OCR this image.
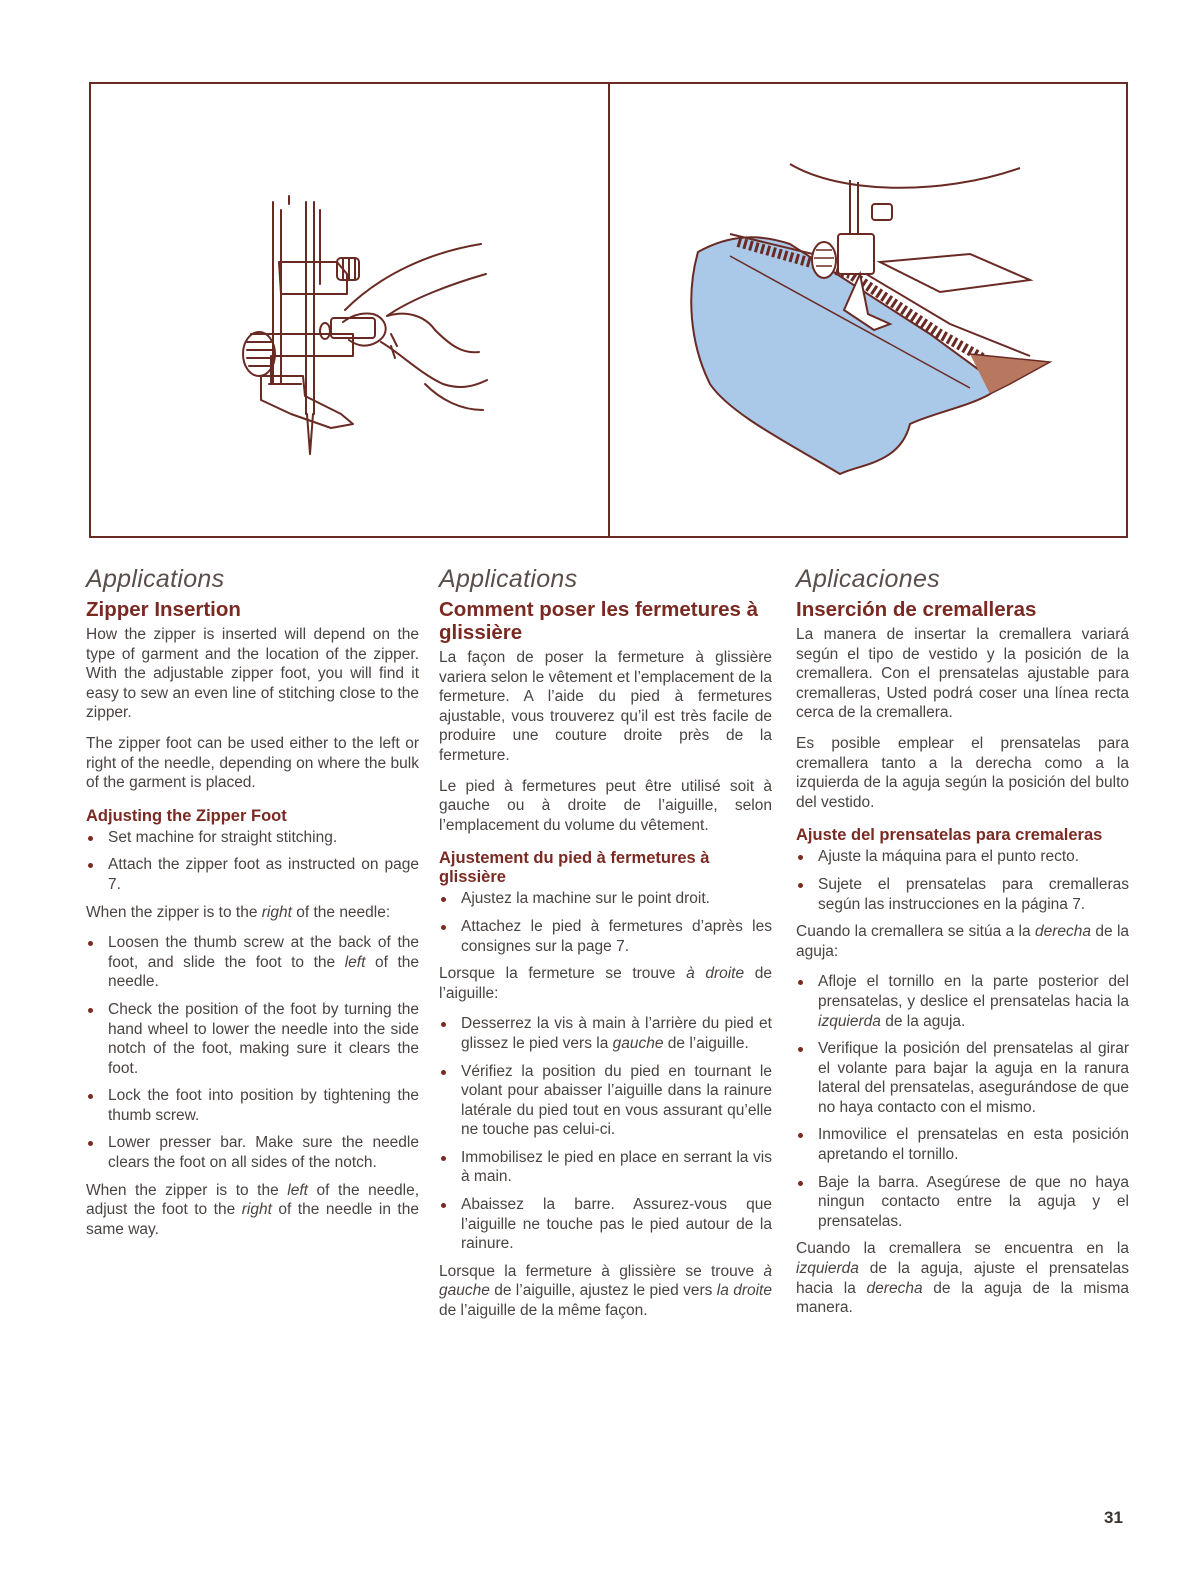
Applications
Zipper Insertion

How the zipper is inserted will depend on the type of garment and the location of the zipper. With the adjustable zipper foot, you will find it easy to sew an even line of stitching close to the zipper.

The zipper foot can be used either to the left or right of the needle, depending on where the bulk of the garment is placed.

Adjusting the Zipper Foot
Set machine for straight stitching.
Attach the zipper foot as instructed on page 7.

When the zipper is to the right of the needle:

Loosen the thumb screw at the back of the foot, and slide the foot to the left of the needle.
Check the position of the foot by turning the hand wheel to lower the needle into the side notch of the foot, making sure it clears the foot.
Lock the foot into position by tightening the thumb screw.
Lower presser bar. Make sure the needle clears the foot on all sides of the notch.

When the zipper is to the left of the needle, adjust the foot to the right of the needle in the same way.

Applications
Comment poser les fermetures à glissière

La façon de poser la fermeture à glissière variera selon le vêtement et l’emplacement de la fermeture. A l’aide du pied à fermetures ajustable, vous trouverez qu’il est très facile de produire une couture droite près de la fermeture.

Le pied à fermetures peut être utilisé soit à gauche ou à droite de l’aiguille, selon l’emplacement du volume du vêtement.

Ajustement du pied à fermetures à glissière
Ajustez la machine sur le point droit.
Attachez le pied à fermetures d’après les consignes sur la page 7.

Lorsque la fermeture se trouve à droite de l’aiguille:

Desserrez la vis à main à l’arrière du pied et glissez le pied vers la gauche de l’aiguille.
Vérifiez la position du pied en tournant le volant pour abaisser l’aiguille dans la rainure latérale du pied tout en vous assurant qu’elle ne touche pas celui-ci.
Immobilisez le pied en place en serrant la vis à main.
Abaissez la barre. Assurez-vous que l’aiguille ne touche pas le pied autour de la rainure.

Lorsque la fermeture à glissière se trouve à gauche de l’aiguille, ajustez le pied vers la droite de l’aiguille de la même façon.

Aplicaciones
Inserción de cremalleras

La manera de insertar la cremallera variará según el tipo de vestido y la posición de la cremallera. Con el prensatelas ajustable para cremalleras, Usted podrá coser una línea recta cerca de la cremallera.

Es posible emplear el prensatelas para cremallera tanto a la derecha como a la izquierda de la aguja según la posición del bulto del vestido.

Ajuste del prensatelas para cremaleras
Ajuste la máquina para el punto recto.
Sujete el prensatelas para cremalleras según las instrucciones en la página 7.

Cuando la cremallera se sitúa a la derecha de la aguja:

Afloje el tornillo en la parte posterior del prensatelas, y deslice el prensatelas hacia la izquierda de la aguja.
Verifique la posición del prensatelas al girar el volante para bajar la aguja en la ranura lateral del prensatelas, asegurándose de que no haya contacto con el mismo.
Inmovilice el prensatelas en esta posición apretando el tornillo.
Baje la barra. Asegúrese de que no haya ningun contacto entre la aguja y el prensatelas.

Cuando la cremallera se encuentra en la izquierda de la aguja, ajuste el prensatelas hacia la derecha de la aguja de la misma manera.

31
